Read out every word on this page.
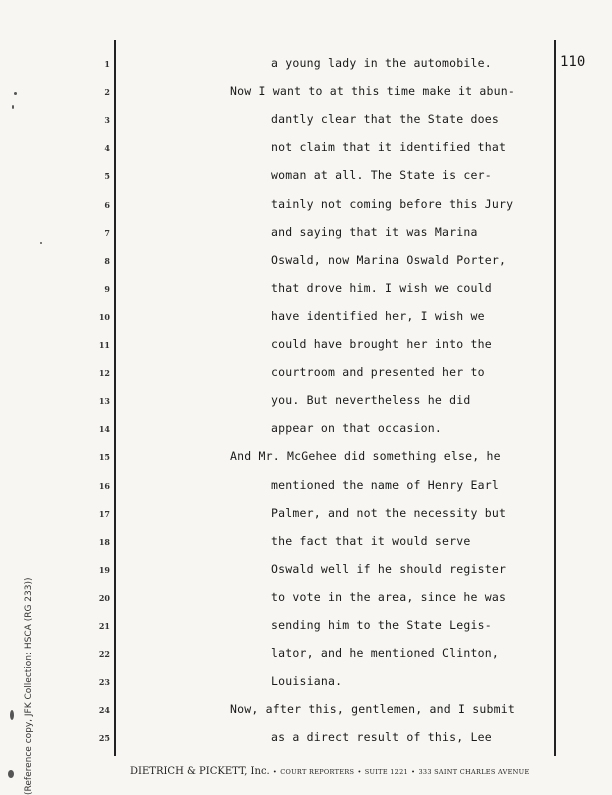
110
(Reference copy, JFK Collection: HSCA (RG 233))
1	a young lady in the automobile.
2	Now I want to at this time make it abun-
3	dantly clear that the State does
4	not claim that it identified that
5	woman at all. The State is cer-
6	tainly not coming before this Jury
7	and saying that it was Marina
8	Oswald, now Marina Oswald Porter,
9	that drove him. I wish we could
10	have identified her, I wish we
11	could have brought her into the
12	courtroom and presented her to
13	you. But nevertheless he did
14	appear on that occasion.
15	And Mr. McGehee did something else, he
16	mentioned the name of Henry Earl
17	Palmer, and not the necessity but
18	the fact that it would serve
19	Oswald well if he should register
20	to vote in the area, since he was
21	sending him to the State Legis-
22	lator, and he mentioned Clinton,
23	Louisiana.
24	Now, after this, gentlemen, and I submit
25	as a direct result of this, Lee
DIETRICH & PICKETT, Inc. • COURT REPORTERS • SUITE 1221 • 333 SAINT CHARLES AVENUE
